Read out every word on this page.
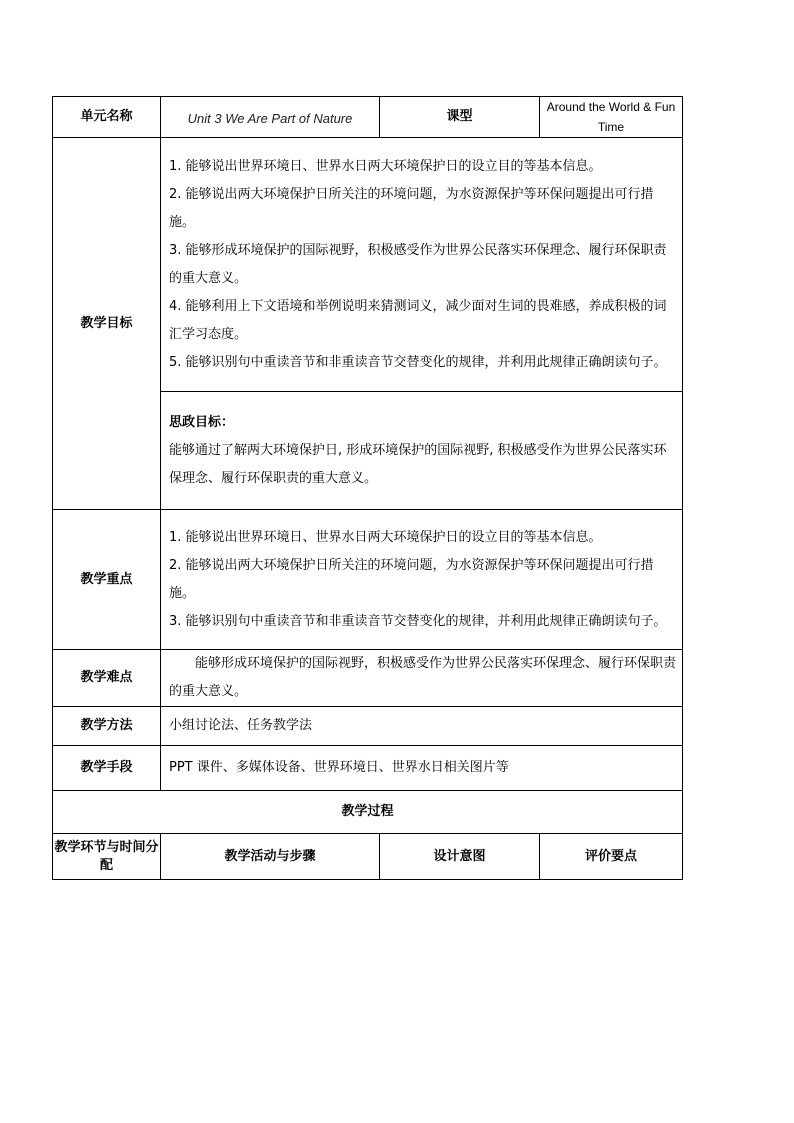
单元名称	Unit 3 We Are Part of Nature	课型	Around the World & Fun Time
教学目标	1. 能够说出世界环境日、世界水日两大环境保护日的设立目的等基本信息。

2. 能够说出两大环境保护日所关注的环境问题，为水资源保护等环保问题提出可行措施。

3. 能够形成环境保护的国际视野，积极感受作为世界公民落实环保理念、履行环保职责的重大意义。

4. 能够利用上下文语境和举例说明来猜测词义，减少面对生词的畏难感，养成积极的词汇学习态度。

5. 能够识别句中重读音节和非重读音节交替变化的规律，并利用此规律正确朗读句子。		

	思政目标：

能够通过了解两大环境保护日, 形成环境保护的国际视野, 积极感受作为世界公民落实环保理念、履行环保职责的重大意义。		

教学重点	1. 能够说出世界环境日、世界水日两大环境保护日的设立目的等基本信息。

2. 能够说出两大环境保护日所关注的环境问题，为水资源保护等环保问题提出可行措施。

3. 能够识别句中重读音节和非重读音节交替变化的规律，并利用此规律正确朗读句子。		

教学难点	能够形成环境保护的国际视野，积极感受作为世界公民落实环保理念、履行环保职责的重大意义。		

教学方法	小组讨论法、任务教学法		
教学手段	PPT 课件、多媒体设备、世界环境日、世界水日相关图片等		
教学过程			
教学环节与时间分配	教学活动与步骤	设计意图	评价要点
